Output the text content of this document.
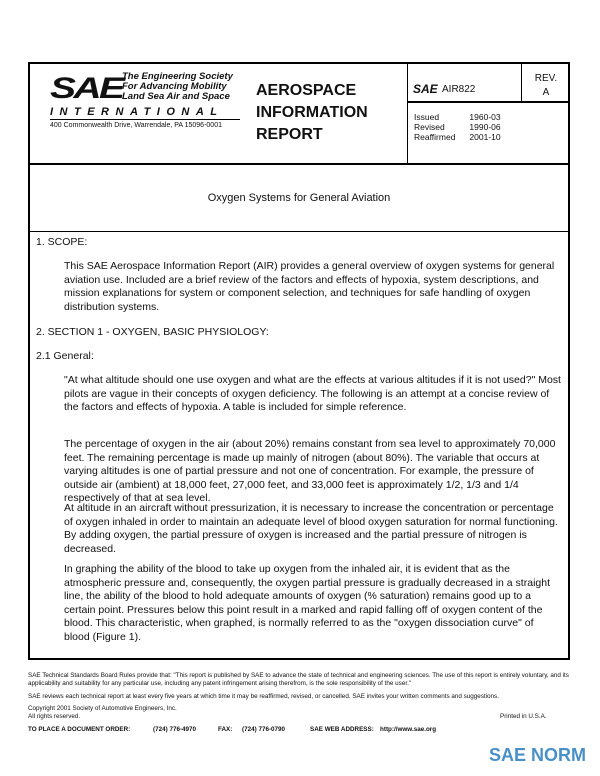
SAE The Engineering Society
For Advancing Mobility
Land Sea Air and Space
INTERNATIONAL
400 Commonwealth Drive, Warrendale, PA 15096-0001
AEROSPACE
INFORMATION
REPORT
SAE AIR822
REV.
A
Issued	1960-03
Revised	1990-06
Reaffirmed	2001-10
Oxygen Systems for General Aviation
1. SCOPE:
This SAE Aerospace Information Report (AIR) provides a general overview of oxygen systems for general aviation use. Included are a brief review of the factors and effects of hypoxia, system descriptions, and mission explanations for system or component selection, and techniques for safe handling of oxygen distribution systems.
2. SECTION 1 - OXYGEN, BASIC PHYSIOLOGY:
2.1 General:
"At what altitude should one use oxygen and what are the effects at various altitudes if it is not used?" Most pilots are vague in their concepts of oxygen deficiency. The following is an attempt at a concise review of the factors and effects of hypoxia. A table is included for simple reference.
The percentage of oxygen in the air (about 20%) remains constant from sea level to approximately 70,000 feet. The remaining percentage is made up mainly of nitrogen (about 80%). The variable that occurs at varying altitudes is one of partial pressure and not one of concentration. For example, the pressure of outside air (ambient) at 18,000 feet, 27,000 feet, and 33,000 feet is approximately 1/2, 1/3 and 1/4 respectively of that at sea level.
At altitude in an aircraft without pressurization, it is necessary to increase the concentration or percentage of oxygen inhaled in order to maintain an adequate level of blood oxygen saturation for normal functioning. By adding oxygen, the partial pressure of oxygen is increased and the partial pressure of nitrogen is decreased.
In graphing the ability of the blood to take up oxygen from the inhaled air, it is evident that as the atmospheric pressure and, consequently, the oxygen partial pressure is gradually decreased in a straight line, the ability of the blood to hold adequate amounts of oxygen (% saturation) remains good up to a certain point. Pressures below this point result in a marked and rapid falling off of oxygen content of the blood. This characteristic, when graphed, is normally referred to as the "oxygen dissociation curve" of blood (Figure 1).
SAE Technical Standards Board Rules provide that: "This report is published by SAE to advance the state of technical and engineering sciences. The use of this report is entirely voluntary, and its applicability and suitability for any particular use, including any patent infringement arising therefrom, is the sole responsibility of the user."
SAE reviews each technical report at least every five years at which time it may be reaffirmed, revised, or cancelled. SAE invites your written comments and suggestions.
Copyright 2001 Society of Automotive Engineers, Inc.
All rights reserved.	Printed in U.S.A.
TO PLACE A DOCUMENT ORDER:	(724) 776-4970	FAX: (724) 776-0790	SAE WEB ADDRESS: http://www.sae.org
SAE NORM
